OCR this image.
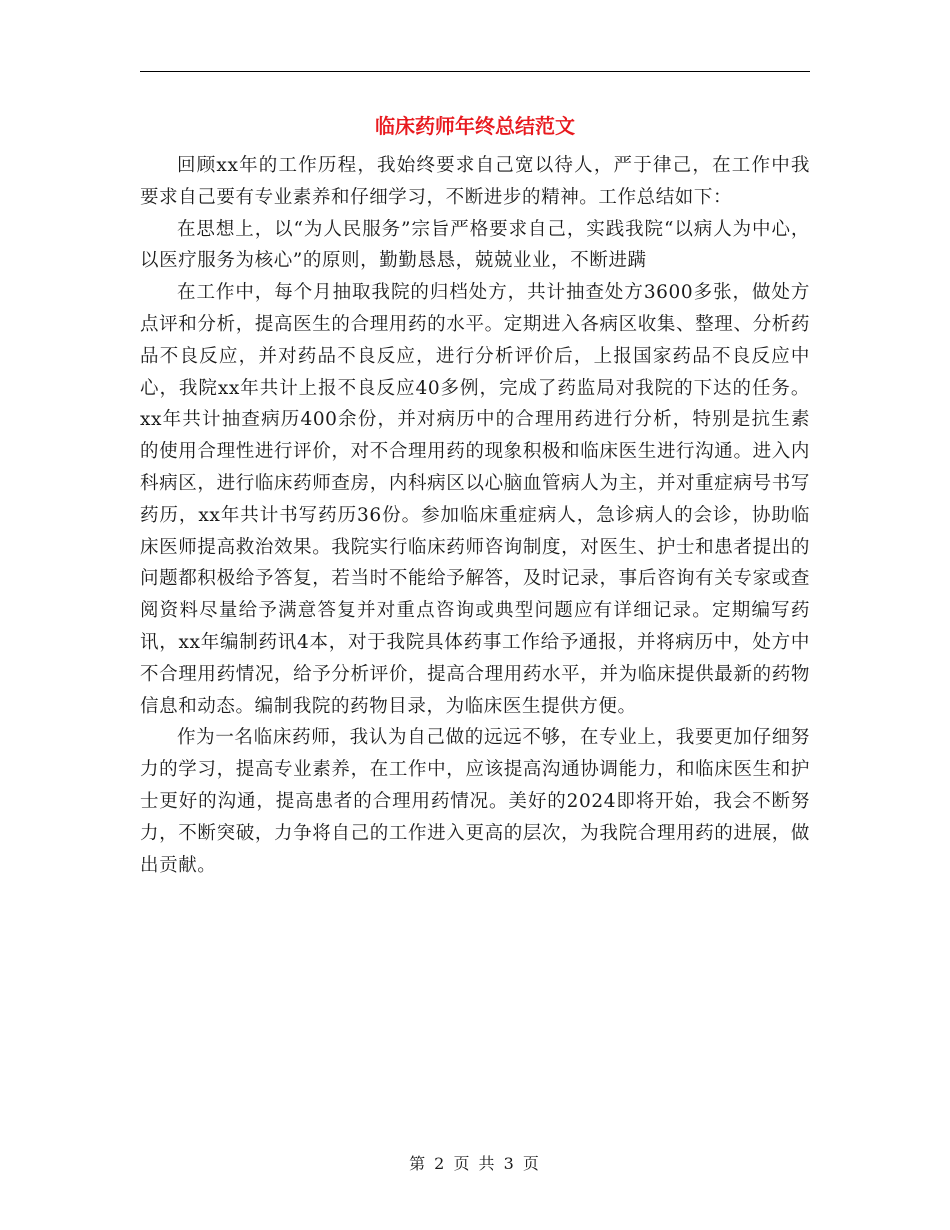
临床药师年终总结范文

回顾xx年的工作历程，我始终要求自己宽以待人，严于律己，在工作中我要求自己要有专业素养和仔细学习，不断进步的精神。工作总结如下：

在思想上，以“为人民服务”宗旨严格要求自己，实践我院“以病人为中心，以医疗服务为核心”的原则，勤勤恳恳，兢兢业业，不断进蹒

在工作中，每个月抽取我院的归档处方，共计抽查处方3600多张，做处方点评和分析，提高医生的合理用药的水平。定期进入各病区收集、整理、分析药品不良反应，并对药品不良反应，进行分析评价后，上报国家药品不良反应中心，我院xx年共计上报不良反应40多例，完成了药监局对我院的下达的任务。xx年共计抽查病历400余份，并对病历中的合理用药进行分析，特别是抗生素的使用合理性进行评价，对不合理用药的现象积极和临床医生进行沟通。进入内科病区，进行临床药师查房，内科病区以心脑血管病人为主，并对重症病号书写药历，xx年共计书写药历36份。参加临床重症病人，急诊病人的会诊，协助临床医师提高救治效果。我院实行临床药师咨询制度，对医生、护士和患者提出的问题都积极给予答复，若当时不能给予解答，及时记录，事后咨询有关专家或查阅资料尽量给予满意答复并对重点咨询或典型问题应有详细记录。定期编写药讯，xx年编制药讯4本，对于我院具体药事工作给予通报，并将病历中，处方中不合理用药情况，给予分析评价，提高合理用药水平，并为临床提供最新的药物信息和动态。编制我院的药物目录，为临床医生提供方便。

作为一名临床药师，我认为自己做的远远不够，在专业上，我要更加仔细努力的学习，提高专业素养，在工作中，应该提高沟通协调能力，和临床医生和护士更好的沟通，提高患者的合理用药情况。美好的2024即将开始，我会不断努力，不断突破，力争将自己的工作进入更高的层次，为我院合理用药的进展，做出贡献。

第 2 页 共 3 页
